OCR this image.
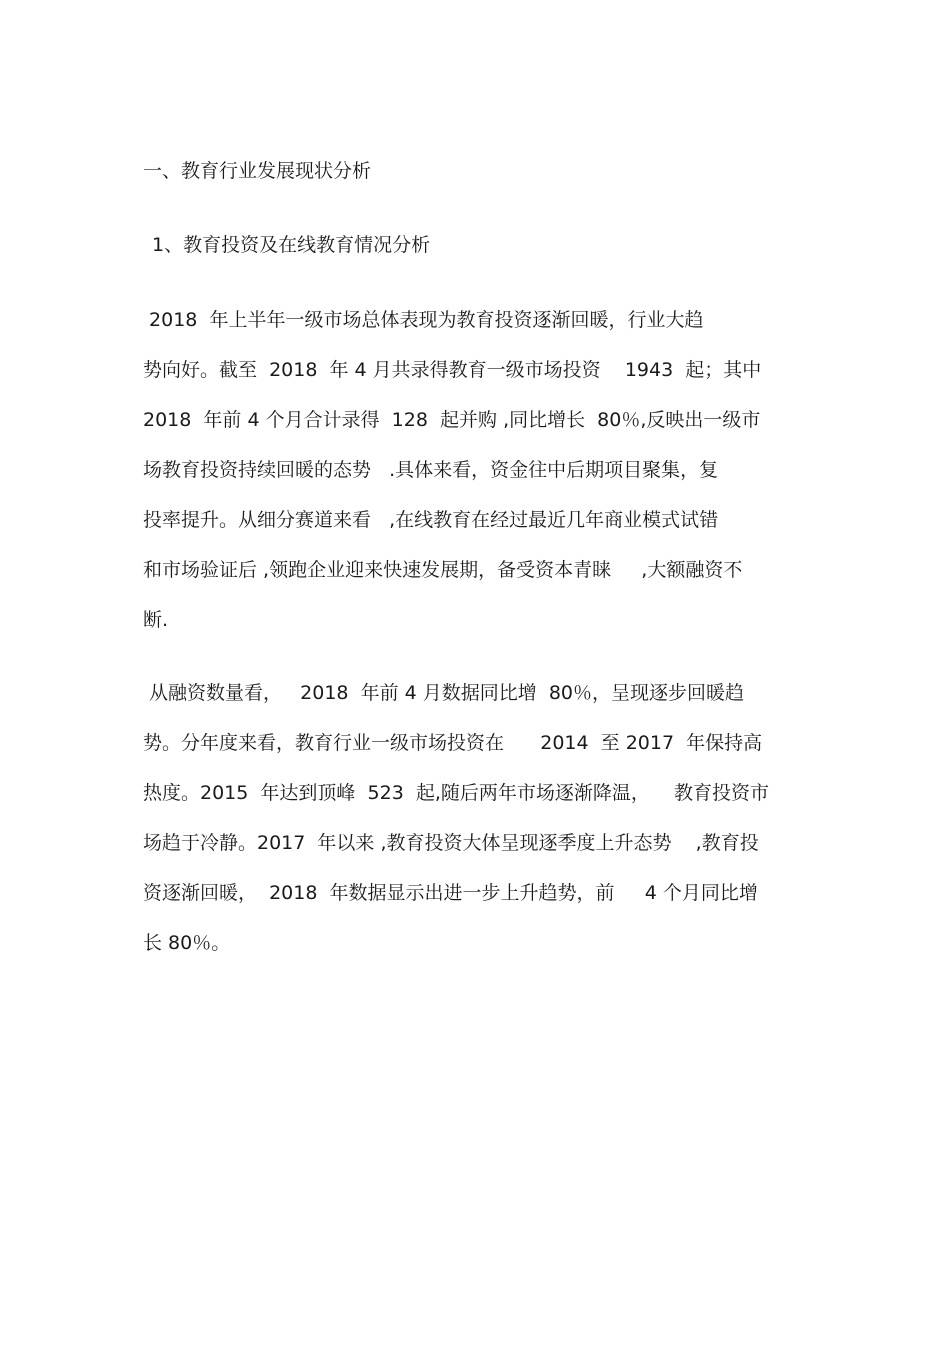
一、教育行业发展现状分析
1、教育投资及在线教育情况分析
2018  年上半年一级市场总体表现为教育投资逐渐回暖，行业大趋
势向好。截至  2018  年 4 月共录得教育一级市场投资    1943  起；其中
2018  年前 4 个月合计录得  128  起并购 ,同比增长  80％,反映出一级市
场教育投资持续回暖的态势   .具体来看，资金往中后期项目聚集，复
投率提升。从细分赛道来看   ,在线教育在经过最近几年商业模式试错
和市场验证后 ,领跑企业迎来快速发展期，备受资本青睐     ,大额融资不
断.
从融资数量看，   2018  年前 4 月数据同比增  80％，呈现逐步回暖趋
势。分年度来看，教育行业一级市场投资在      2014  至 2017  年保持高
热度。2015  年达到顶峰  523  起,随后两年市场逐渐降温，    教育投资市
场趋于冷静。2017  年以来 ,教育投资大体呈现逐季度上升态势    ,教育投
资逐渐回暖，  2018  年数据显示出进一步上升趋势，前     4 个月同比增
长 80％。
